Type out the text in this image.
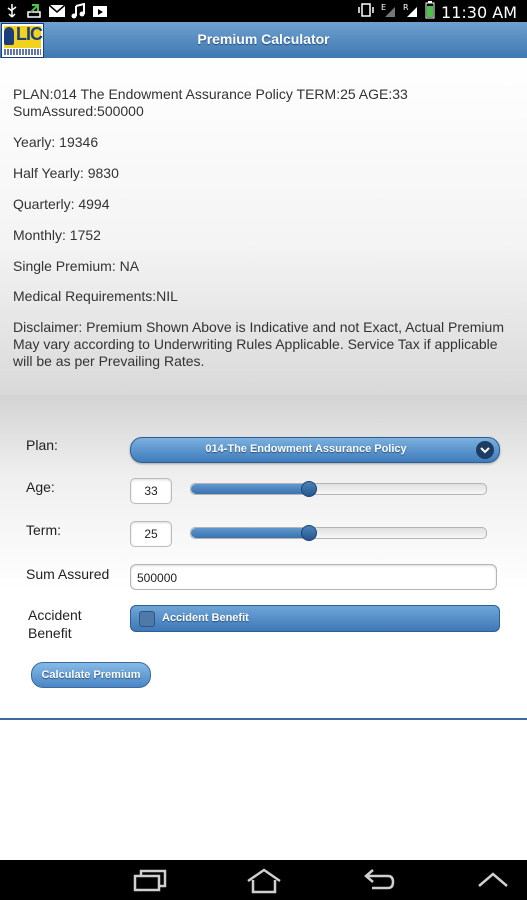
E R 11:30 AM
LIC	Premium Calculator

PLAN:014 The Endowment Assurance Policy TERM:25 AGE:33 SumAssured:500000

Yearly: 19346

Half Yearly: 9830

Quarterly: 4994

Monthly: 1752

Single Premium: NA

Medical Requirements:NIL

Disclaimer: Premium Shown Above is Indicative and not Exact, Actual Premium May vary according to Underwriting Rules Applicable. Service Tax if applicable will be as per Prevailing Rates.

Plan:	014-The Endowment Assurance Policy
Age:	33
Term:	25
Sum Assured	500000
Accident
Benefit
Accident Benefit
Calculate Premium
